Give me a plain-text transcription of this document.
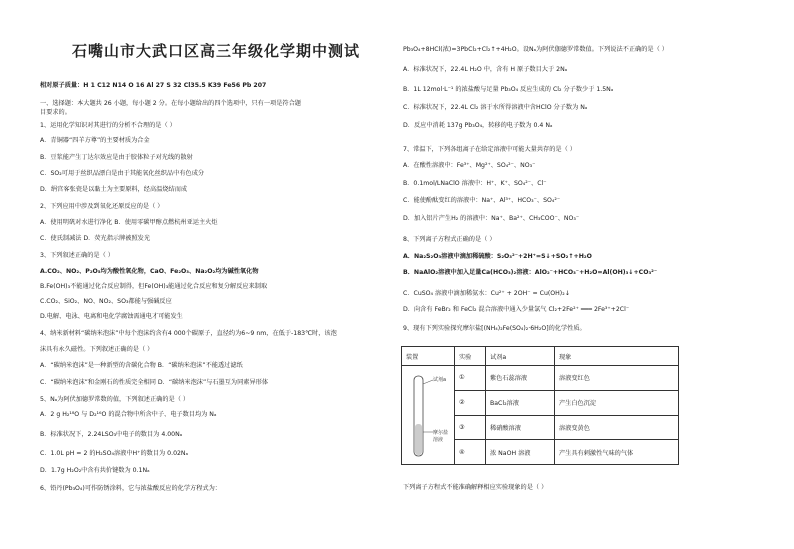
石嘴山市大武口区高三年级化学期中测试
相对原子质量：H 1 C12 N14 O 16 Al 27 S 32 Cl35.5 K39 Fe56 Pb 207
一、选择题：本大题共 26 小题，每小题 2 分。在每小题给出的四个选项中，只有一项是符合题
目要求的。
1、运用化学知识对其进行的分析不合理的是（ ）
A．青铜器“四羊方尊”的主要材质为合金
B．豆浆能产生丁达尔效应是由于胶体粒子对光线的散射
C．SO₂可用于丝织品漂白是由于其能氧化丝织品中有色成分
D．绢宫客张瓷是以黏土为主要原料，经高温烧结而成
2、下列应用中涉及到氧化还原反应的是（ ）
A．使用明矾对水进行净化 B．使用零碳甲醇点燃杭州亚运主火炬
C．使氏制减法 D．荧光指示牌被照发光
3、下列叙述正确的是（ ）
A.CO₂、NO₂、P₂O₅均为酸性氧化物，CaO、Fe₂O₃、Na₂O₂均为碱性氧化物
B.Fe(OH)₃不能通过化合反应制得，但Fe(OH)₃能通过化合反应和复分解反应来制取
C.CO₂、SiO₂、NO、NO₂、SO₃都能与强碱反应
D.电解、电泳、电离和电化学腐蚀需通电才可能发生
4、纳米新材料“碳纳米泡沫”中每个泡沫约含有4 000个碳原子，直径约为6~9 nm，在低于-183℃时，该泡
沫具有永久磁性。下列叙述正确的是（ ）
A．“碳纳米泡沫”是一种新型的含碳化合物 B．“碳纳米泡沫”不能透过滤纸
C．“碳纳米泡沫”和金刚石的性质完全相同 D．“碳纳米泡沫”与石墨互为同素异形体
5、Nₐ为阿伏加德罗常数的值，下列叙述正确的是（ ）
A．2 g H₂¹⁸O 与 D₂¹⁶O 的混合物中所含中子、电子数目均为 Nₐ
B．标准状况下，2.24LSO₃中电子的数目为 4.00Nₐ
C．1.0L pH = 2 的H₂SO₄溶液中H⁺的数目为 0.02Nₐ
D．1.7g H₂O₂中含有共价键数为 0.1Nₐ
6、铅丹(Pb₃O₄)可作防锈涂料，它与浓盐酸反应的化学方程式为：
Pb₃O₄+8HCl(浓)=3PbCl₂+Cl₂↑+4H₂O。设Nₐ为阿伏伽德罗常数值。下列说法不正确的是（ ）
A．标准状况下，22.4L H₂O 中，含有 H 原子数目大于 2Nₐ
B．1L 12mol·L⁻¹ 的浓盐酸与足量 Pb₃O₄ 反应生成的 Cl₂ 分子数少于 1.5Nₐ
C．标准状况下，22.4L Cl₂ 溶于水所得溶液中含HClO 分子数为 Nₐ
D．反应中消耗 137g Pb₃O₄，转移的电子数为 0.4 Nₐ
7、常温下，下列各组离子在给定溶液中可能大量共存的是（ ）
A．在酸性溶液中：Fe³⁺、Mg²⁺、SO₄²⁻、NO₃⁻
B．0.1mol/LNaClO 溶液中：H⁺、K⁺、SO₄²⁻、Cl⁻
C．能使酚酞变红的溶液中：Na⁺、Al³⁺、HCO₃⁻、SO₄²⁻
D．加入铝片产生H₂ 的溶液中：Na⁺、Ba²⁺、CH₃COO⁻、NO₃⁻
8、下列离子方程式正确的是（ ）
A．Na₂S₂O₃溶液中滴加稀硫酸：S₂O₃²⁻+2H⁺=S↓+SO₂↑+H₂O
B．NaAlO₂溶液中加入足量Ca(HCO₃)₂溶液：AlO₂⁻+HCO₃⁻+H₂O=Al(OH)₃↓+CO₃²⁻
C．CuSO₄ 溶液中滴加稀氨水：Cu²⁺ + 2OH⁻ = Cu(OH)₂↓
D．向含有 FeBr₂ 和 FeCl₂ 混合溶液中通入少量氯气 Cl₂+2Fe²⁺ ═══ 2Fe³⁺+2Cl⁻
9、现有下列实验探究摩尔盐[(NH₄)₂Fe(SO₄)₂·6H₂O]的化学性质。
装置	实验	试剂a	现象

试剂a
摩尔盐
溶液	①	紫色石蕊溶液	溶液变红色
	②	BaCl₂溶液	产生白色沉淀
	③	稀硝酸溶液	溶液变黄色
	④	浓 NaOH 溶液	产生具有刺激性气味的气体
下列离子方程式不能准确解释相应实验现象的是（ ）
